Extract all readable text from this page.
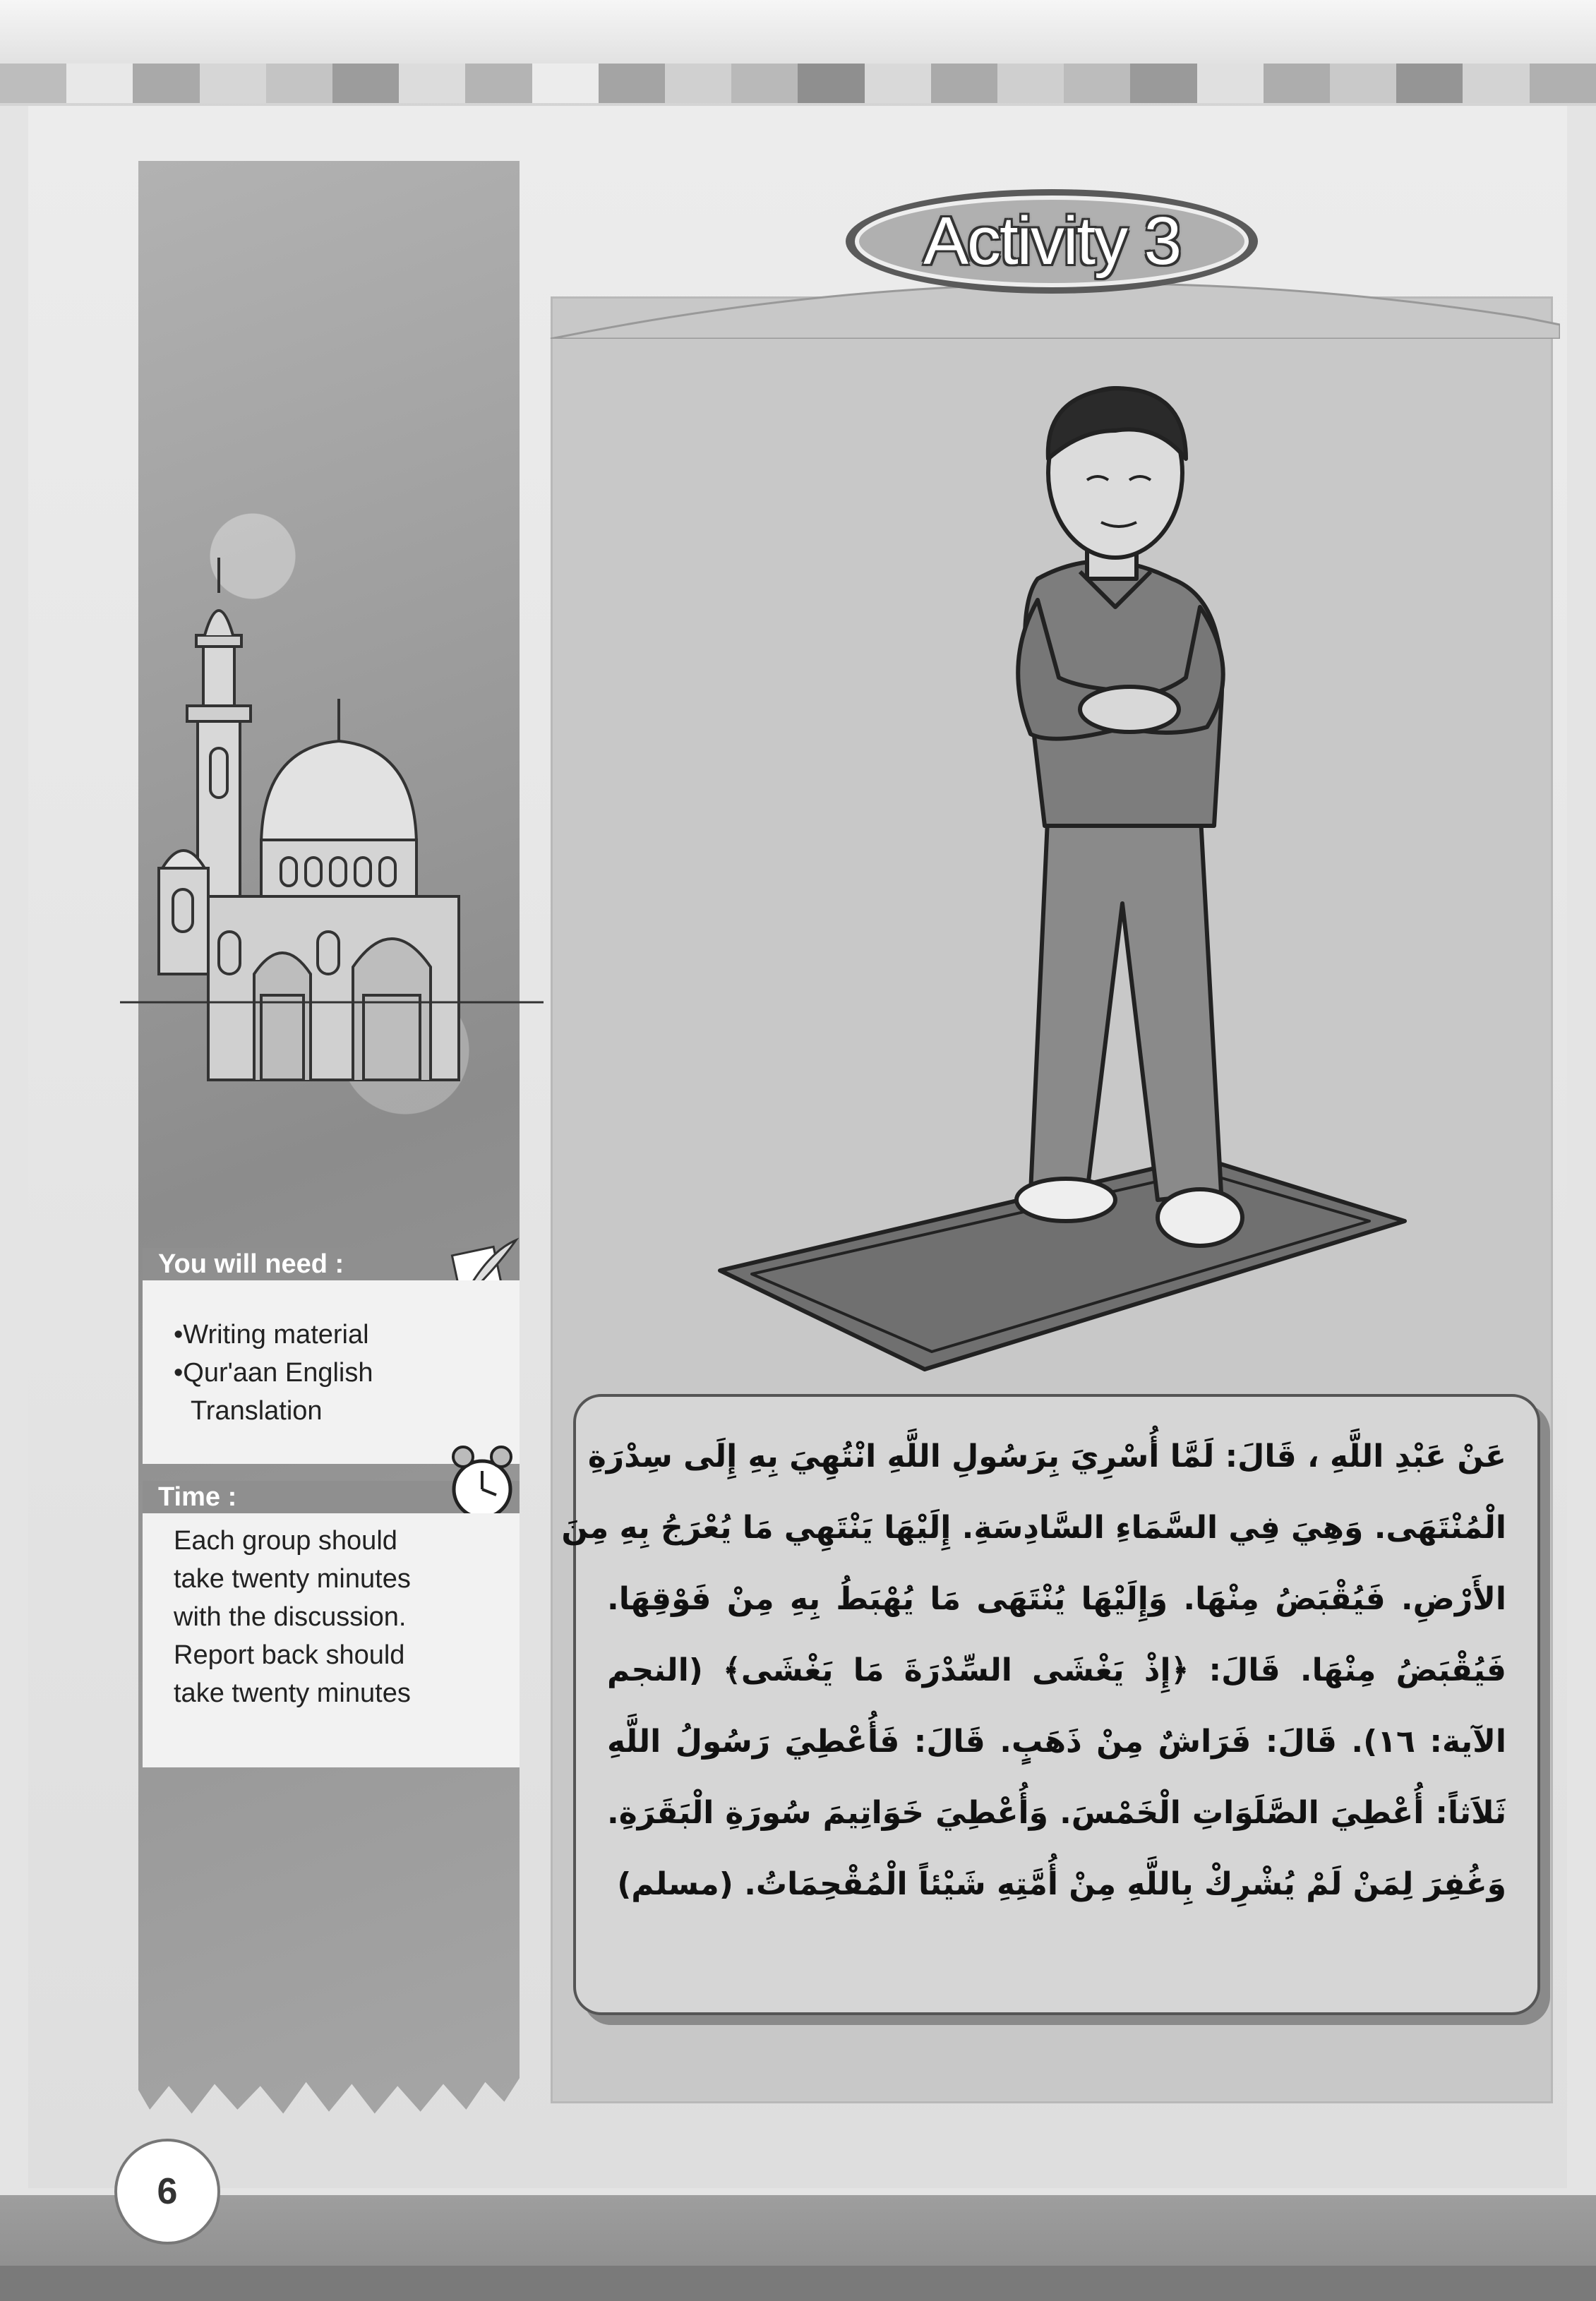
You will need :
•Writing material
•Qur'aan English
Translation
Time :
Each group should
take twenty minutes
with the discussion.
Report back should
take twenty minutes
Activity 3
عَنْ عَبْدِ اللَّهِ ، قَالَ: لَمَّا أُسْرِيَ بِرَسُولِ اللَّهِ انْتُهِيَ بِهِ إِلَى سِدْرَةِ
الْمُنْتَهَى. وَهِيَ فِي السَّمَاءِ السَّادِسَةِ. إِلَيْهَا يَنْتَهِي مَا يُعْرَجُ بِهِ مِنَ
الأَرْضِ. فَيُقْبَضُ مِنْهَا. وَإِلَيْهَا يُنْتَهَى مَا يُهْبَطُ بِهِ مِنْ فَوْقِهَا.
فَيُقْبَضُ مِنْهَا. قَالَ: ﴿إِذْ يَغْشَى السِّدْرَةَ مَا يَغْشَى﴾ (النجم
الآية: ١٦). قَالَ: فَرَاشٌ مِنْ ذَهَبٍ. قَالَ: فَأُعْطِيَ رَسُولُ اللَّهِ
ثَلاَثاً: أُعْطِيَ الصَّلَوَاتِ الْخَمْسَ. وَأُعْطِيَ خَوَاتِيمَ سُورَةِ الْبَقَرَةِ.
وَغُفِرَ لِمَنْ لَمْ يُشْرِكْ بِاللَّهِ مِنْ أُمَّتِهِ شَيْئاً الْمُقْحِمَاتُ. (مسلم)
6
